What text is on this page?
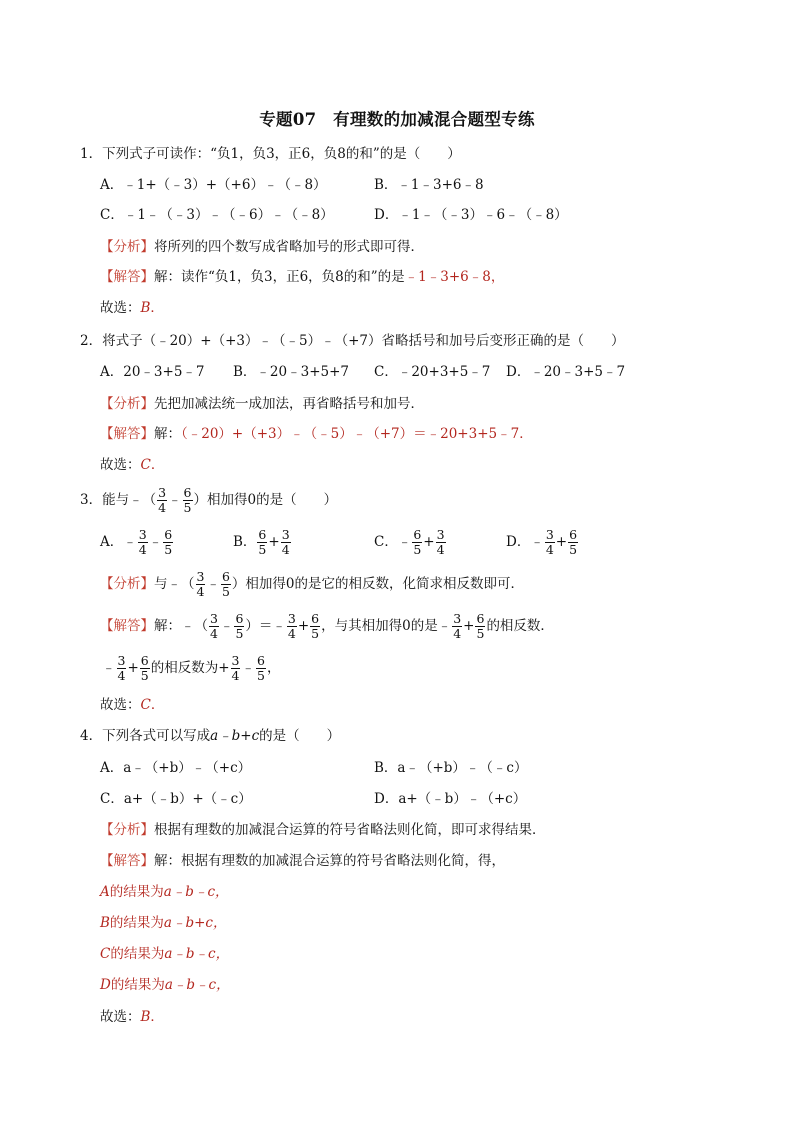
专题07　有理数的加减混合题型专练
1．下列式子可读作：“负1，负3，正6，负8的和”的是（　　）
A．﹣1+（﹣3）+（+6）﹣（﹣8）	B．﹣1﹣3+6﹣8
C．﹣1﹣（﹣3）﹣（﹣6）﹣（﹣8）	D．﹣1﹣（﹣3）﹣6﹣（﹣8）
【分析】将所列的四个数写成省略加号的形式即可得．
【解答】解：读作“负1，负3，正6，负8的和”的是﹣1﹣3+6﹣8，
故选：B．
2．将式子（﹣20）+（+3）﹣（﹣5）﹣（+7）省略括号和加号后变形正确的是（　　）
A．20﹣3+5﹣7 B．﹣20﹣3+5+7 C．﹣20+3+5﹣7 D．﹣20﹣3+5﹣7
【分析】先把加减法统一成加法，再省略括号和加号．
【解答】解：（﹣20）+（+3）﹣（﹣5）﹣（+7）＝﹣20+3+5﹣7．
故选：C．
3．能与﹣（ $\frac{3}{4}$ ﹣ $\frac{6}{5}$ ）相加得0的是（　　）
A．﹣ $\frac{3}{4}$ ﹣ $\frac{6}{5}$	B． $\frac{6}{5} + \frac{3}{4}$	C．﹣ $\frac{6}{5} + \frac{3}{4}$	D．﹣ $\frac{3}{4} + \frac{6}{5}$
【分析】与﹣（ $\frac{3}{4}$ ﹣ $\frac{6}{5}$ ）相加得0的是它的相反数，化简求相反数即可．
【解答】解：﹣（ $\frac{3}{4}$ ﹣ $\frac{6}{5}$ ）＝﹣ $\frac{3}{4} + \frac{6}{5}$ ，与其相加得0的是﹣ $\frac{3}{4} + \frac{6}{5}$ 的相反数．
﹣ $\frac{3}{4} + \frac{6}{5}$ 的相反数为+ $\frac{3}{4}$ ﹣ $\frac{6}{5}$ ，
故选：C．
4．下列各式可以写成a﹣b+c的是（　　）
A．a﹣（+b）﹣（+c）	B．a﹣（+b）﹣（﹣c）
C．a+（﹣b）+（﹣c）	D．a+（﹣b）﹣（+c）
【分析】根据有理数的加减混合运算的符号省略法则化简，即可求得结果．
【解答】解：根据有理数的加减混合运算的符号省略法则化简，得，
A的结果为a﹣b﹣c，
B的结果为a﹣b+c，
C的结果为a﹣b﹣c，
D的结果为a﹣b﹣c，
故选：B．
